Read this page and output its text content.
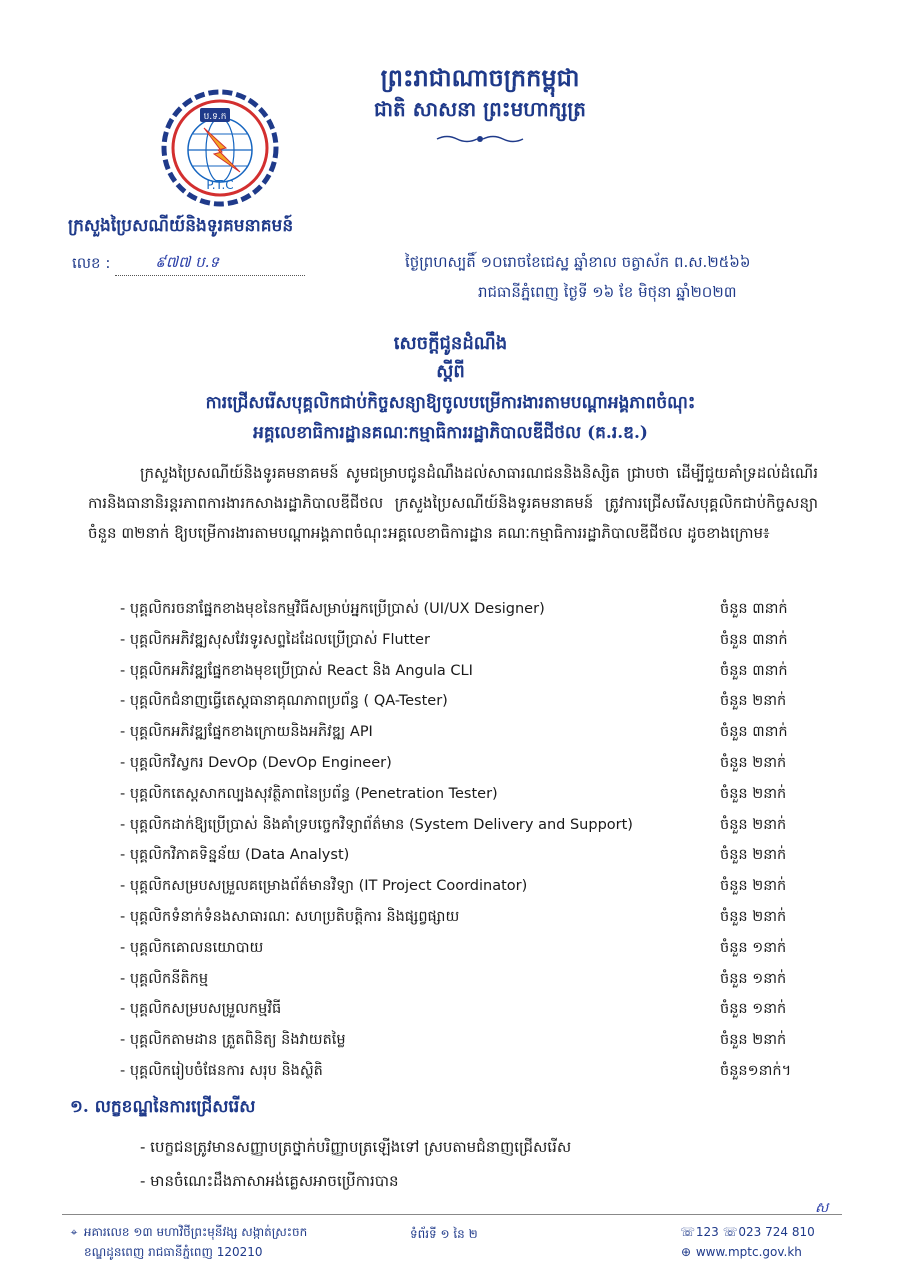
ព្រះរាជាណាចក្រកម្ពុជា
ជាតិ សាសនា ព្រះមហាក្សត្រ
ប.ទ.ក
P.T.C
ក្រសួងប្រៃសណីយ៍និងទូរគមនាគមន៍
លេខ :	៩៧៧ ប.ទ	ថ្ងៃព្រហស្បតិ៍ ១០រោចខែជេស្ឋ ឆ្នាំខាល ចត្វាស័ក ព.ស.២៥៦៦
រាជធានីភ្នំពេញ ថ្ងៃទី ១៦ ខែ មិថុនា ឆ្នាំ២០២៣
សេចក្ដីជូនដំណឹង
ស្ដីពី
ការជ្រើសរើសបុគ្គលិកជាប់កិច្ចសន្យាឱ្យចូលបម្រើការងារតាមបណ្ដាអង្គភាពចំណុះ
អគ្គលេខាធិការដ្ឋានគណៈកម្មាធិការរដ្ឋាភិបាលឌីជីថល (គ.រ.ឌ.)
ក្រសួងប្រៃសណីយ៍និងទូរគមនាគមន៍ សូមជម្រាបជូនដំណឹងដល់សាធារណជននិងនិស្សិត ជ្រាបថា ដើម្បីជួយគាំទ្រដល់ដំណើរការនិងធានានិរន្តរភាពការងារកសាងរដ្ឋាភិបាលឌីជីថល ក្រសួងប្រៃសណីយ៍និងទូរគមនាគមន៍ ត្រូវការជ្រើសរើសបុគ្គលិកជាប់កិច្ចសន្យាចំនួន ៣២នាក់ ឱ្យបម្រើការងារតាមបណ្ដាអង្គភាពចំណុះអគ្គលេខាធិការដ្ឋាន គណៈកម្មាធិការរដ្ឋាភិបាលឌីជីថល ដូចខាងក្រោម៖
- បុគ្គលិករចនាផ្នែកខាងមុខនៃកម្មវិធីសម្រាប់អ្នកប្រើប្រាស់ (UI/UX Designer)	ចំនួន ៣នាក់
- បុគ្គលិកអភិវឌ្ឍសុសវែរទូរសព្ទដៃដែលប្រើប្រាស់ Flutter	ចំនួន ៣នាក់
- បុគ្គលិកអភិវឌ្ឍផ្នែកខាងមុខប្រើប្រាស់ React និង Angula CLI	ចំនួន ៣នាក់
- បុគ្គលិកជំនាញធ្វើតេស្តធានាគុណភាពប្រព័ន្ធ ( QA-Tester)	ចំនួន ២នាក់
- បុគ្គលិកអភិវឌ្ឍផ្នែកខាងក្រោយនិងអភិវឌ្ឍ API	ចំនួន ៣នាក់
- បុគ្គលិកវិស្វករ DevOp (DevOp Engineer)	ចំនួន ២នាក់
- បុគ្គលិកតេស្តសាកល្បងសុវត្ថិភាពនៃប្រព័ន្ធ (Penetration Tester)	ចំនួន ២នាក់
- បុគ្គលិកដាក់ឱ្យប្រើប្រាស់ និងគាំទ្របច្ចេកវិទ្យាព័ត៌មាន (System Delivery and Support)	ចំនួន ២នាក់
- បុគ្គលិកវិភាគទិន្នន័យ (Data Analyst)	ចំនួន ២នាក់
- បុគ្គលិកសម្របសម្រួលគម្រោងព័ត៌មានវិទ្យា (IT Project Coordinator)	ចំនួន ២នាក់
- បុគ្គលិកទំនាក់ទំនងសាធារណៈ សហប្រតិបត្តិការ និងផ្សព្វផ្សាយ	ចំនួន ២នាក់
- បុគ្គលិកគោលនយោបាយ	ចំនួន ១នាក់
- បុគ្គលិកនីតិកម្ម	ចំនួន ១នាក់
- បុគ្គលិកសម្របសម្រួលកម្មវិធី	ចំនួន ១នាក់
- បុគ្គលិកតាមដាន ត្រួតពិនិត្យ និងវាយតម្លៃ	ចំនួន ២នាក់
- បុគ្គលិករៀបចំផែនការ សរុប និងស្ថិតិ	ចំនួន១នាក់។
១. លក្ខខណ្ឌនៃការជ្រើសរើស
- បេក្ខជនត្រូវមានសញ្ញាបត្រថ្នាក់បរិញ្ញាបត្រឡើងទៅ ស្របតាមជំនាញជ្រើសរើស
- មានចំណេះដឹងភាសាអង់គ្លេសអាចប្រើការបាន
ស
⌖ អគារលេខ ១៣ មហាវិថីព្រះមុនីវង្ស សង្កាត់ស្រះចក
ខណ្ឌដូនពេញ រាជធានីភ្នំពេញ 120210
ទំព័រទី ១ នៃ ២	☏ 123 ☏ 023 724 810
⊕ www.mptc.gov.kh
